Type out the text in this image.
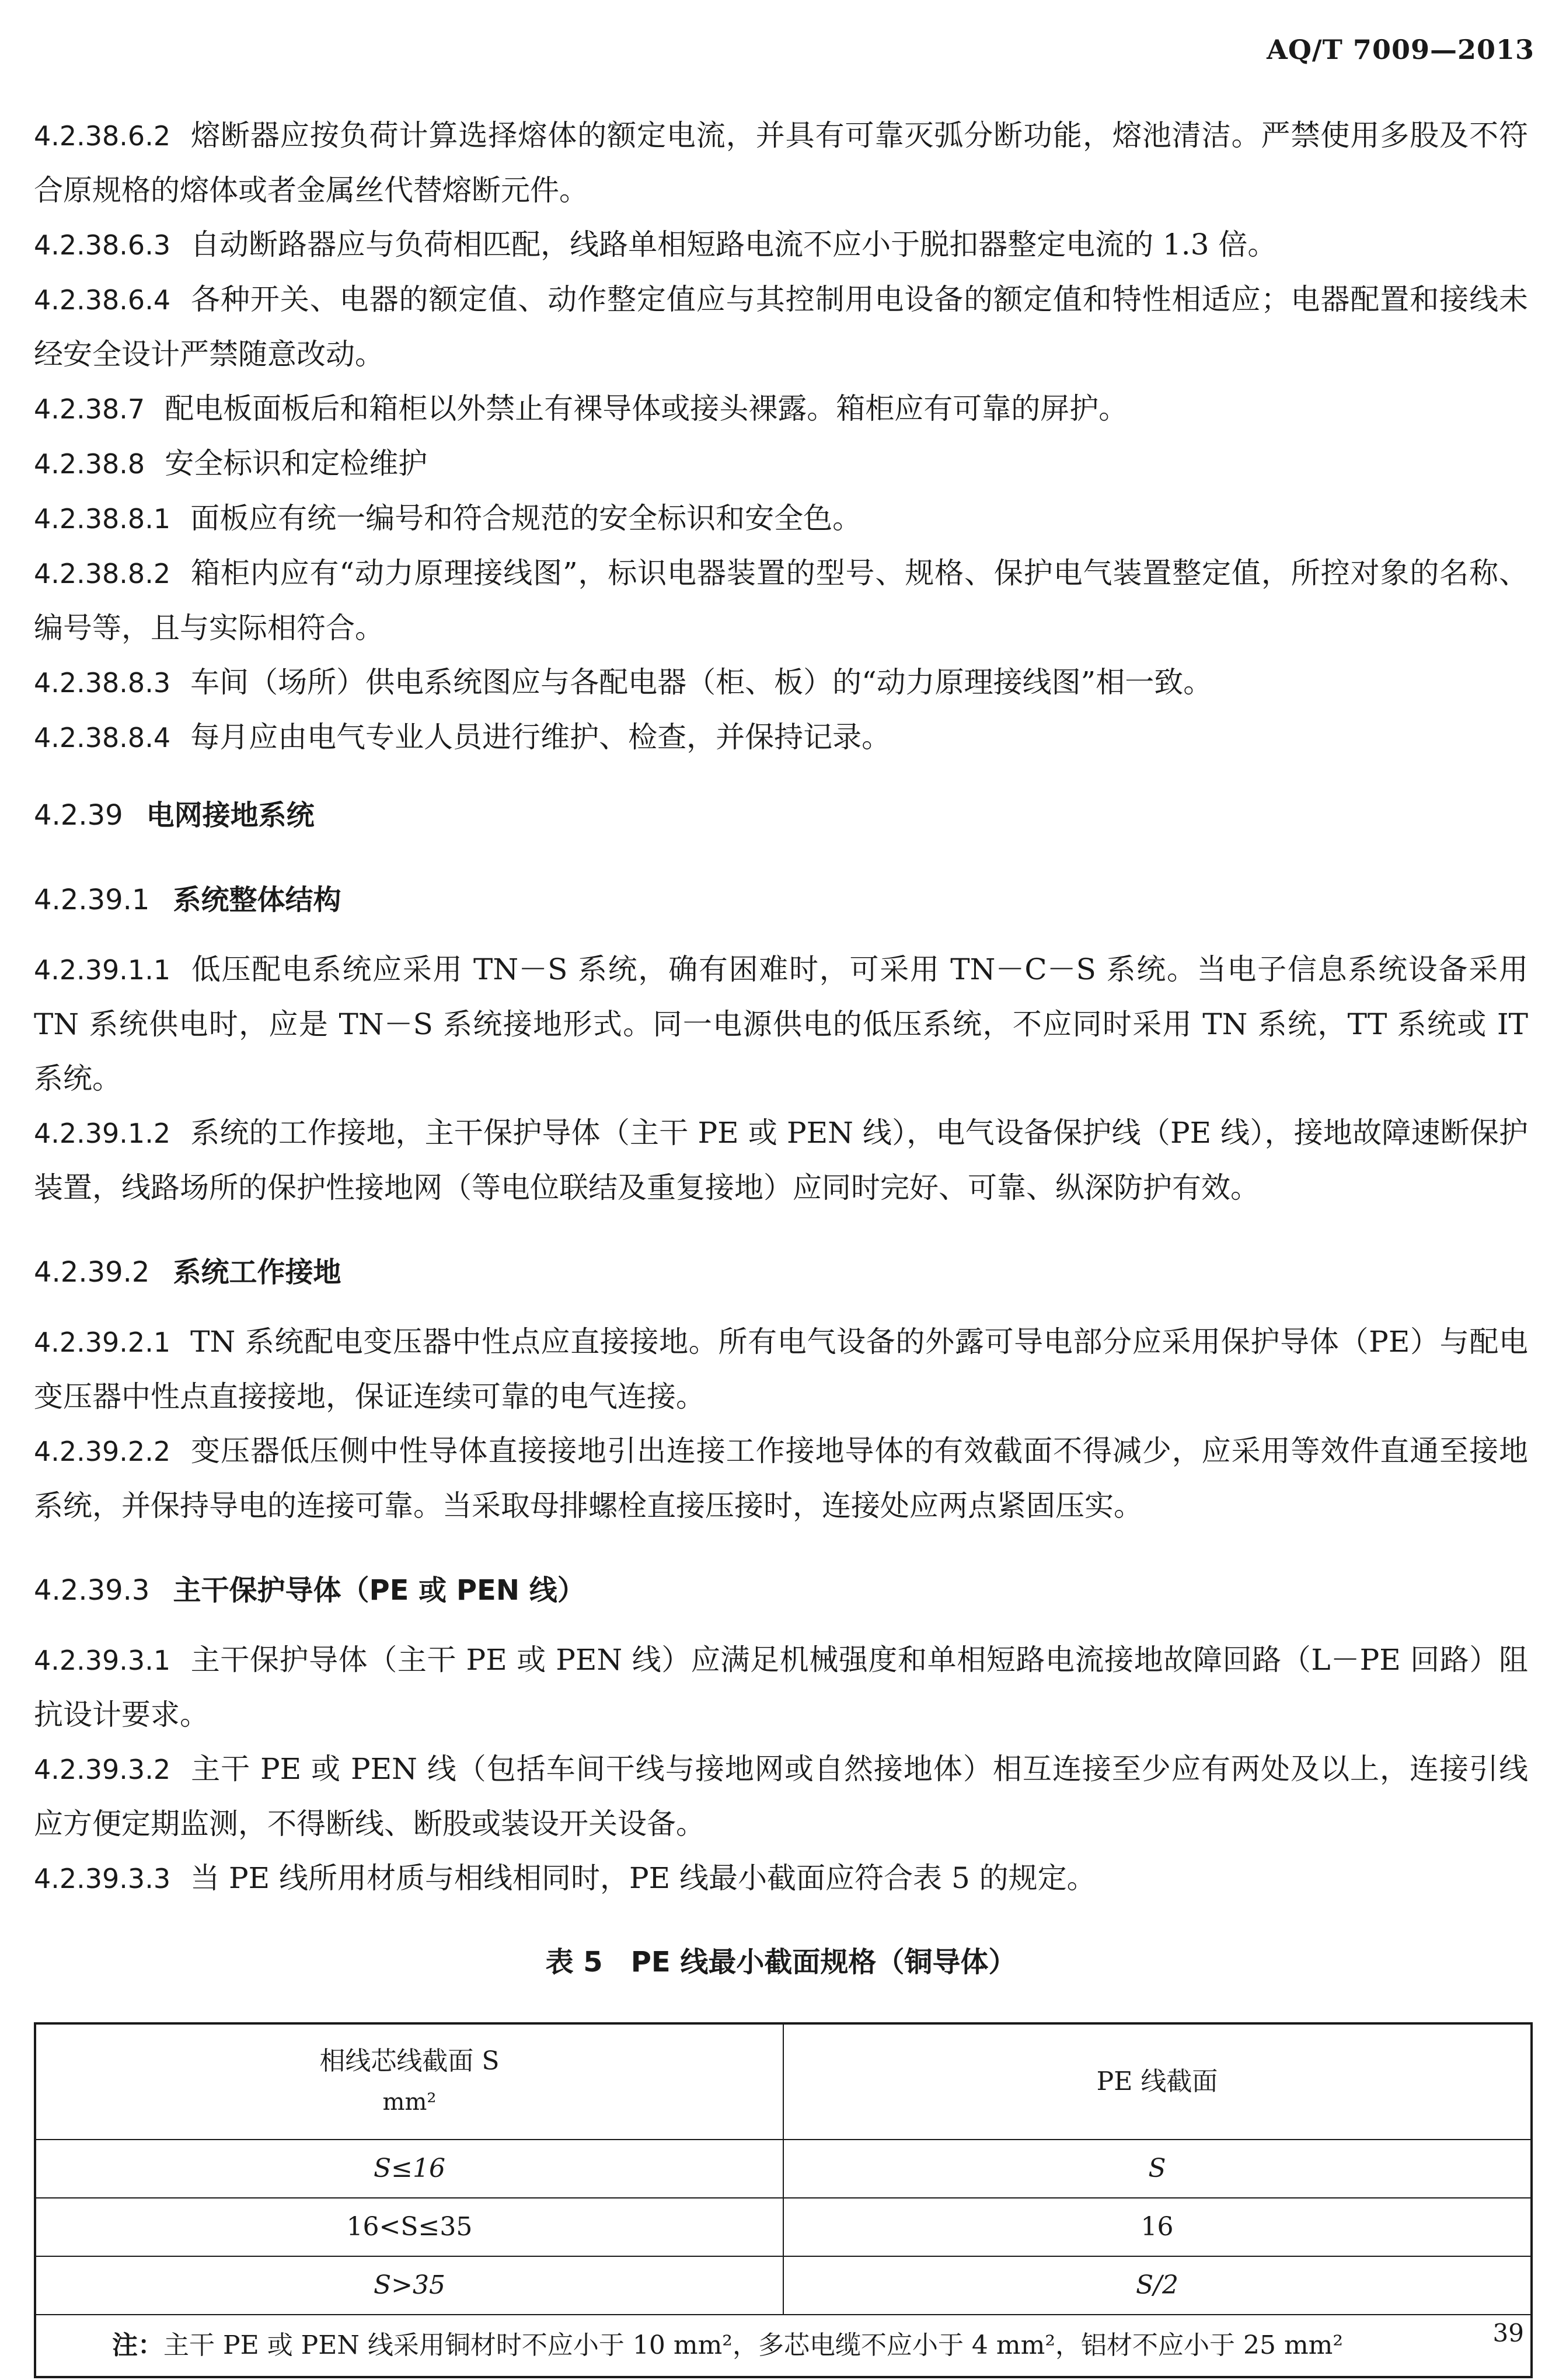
AQ/T 7009—2013

4.2.38.6.2 熔断器应按负荷计算选择熔体的额定电流，并具有可靠灭弧分断功能，熔池清洁。严禁使用多股及不符合原规格的熔体或者金属丝代替熔断元件。

4.2.38.6.3 自动断路器应与负荷相匹配，线路单相短路电流不应小于脱扣器整定电流的 1.3 倍。

4.2.38.6.4 各种开关、电器的额定值、动作整定值应与其控制用电设备的额定值和特性相适应；电器配置和接线未经安全设计严禁随意改动。

4.2.38.7 配电板面板后和箱柜以外禁止有裸导体或接头裸露。箱柜应有可靠的屏护。

4.2.38.8 安全标识和定检维护

4.2.38.8.1 面板应有统一编号和符合规范的安全标识和安全色。

4.2.38.8.2 箱柜内应有“动力原理接线图”，标识电器装置的型号、规格、保护电气装置整定值，所控对象的名称、编号等，且与实际相符合。

4.2.38.8.3 车间（场所）供电系统图应与各配电器（柜、板）的“动力原理接线图”相一致。

4.2.38.8.4 每月应由电气专业人员进行维护、检查，并保持记录。

4.2.39 电网接地系统
4.2.39.1 系统整体结构

4.2.39.1.1 低压配电系统应采用 TN－S 系统，确有困难时，可采用 TN－C－S 系统。当电子信息系统设备采用 TN 系统供电时，应是 TN－S 系统接地形式。同一电源供电的低压系统，不应同时采用 TN 系统，TT 系统或 IT 系统。

4.2.39.1.2 系统的工作接地，主干保护导体（主干 PE 或 PEN 线），电气设备保护线（PE 线），接地故障速断保护装置，线路场所的保护性接地网（等电位联结及重复接地）应同时完好、可靠、纵深防护有效。

4.2.39.2 系统工作接地

4.2.39.2.1 TN 系统配电变压器中性点应直接接地。所有电气设备的外露可导电部分应采用保护导体（PE）与配电变压器中性点直接接地，保证连续可靠的电气连接。

4.2.39.2.2 变压器低压侧中性导体直接接地引出连接工作接地导体的有效截面不得减少，应采用等效件直通至接地系统，并保持导电的连接可靠。当采取母排螺栓直接压接时，连接处应两点紧固压实。

4.2.39.3 主干保护导体（PE 或 PEN 线）

4.2.39.3.1 主干保护导体（主干 PE 或 PEN 线）应满足机械强度和单相短路电流接地故障回路（L－PE 回路）阻抗设计要求。

4.2.39.3.2 主干 PE 或 PEN 线（包括车间干线与接地网或自然接地体）相互连接至少应有两处及以上，连接引线应方便定期监测，不得断线、断股或装设开关设备。

4.2.39.3.3 当 PE 线所用材质与相线相同时，PE 线最小截面应符合表 5 的规定。

表 5　PE 线最小截面规格（铜导体）
相线芯线截面 S
mm²	PE 线截面
S≤16	S
16<S≤35	16
S>35	S/2
注：主干 PE 或 PEN 线采用铜材时不应小于 10 mm²，多芯电缆不应小于 4 mm²，铝材不应小于 25 mm²		39
